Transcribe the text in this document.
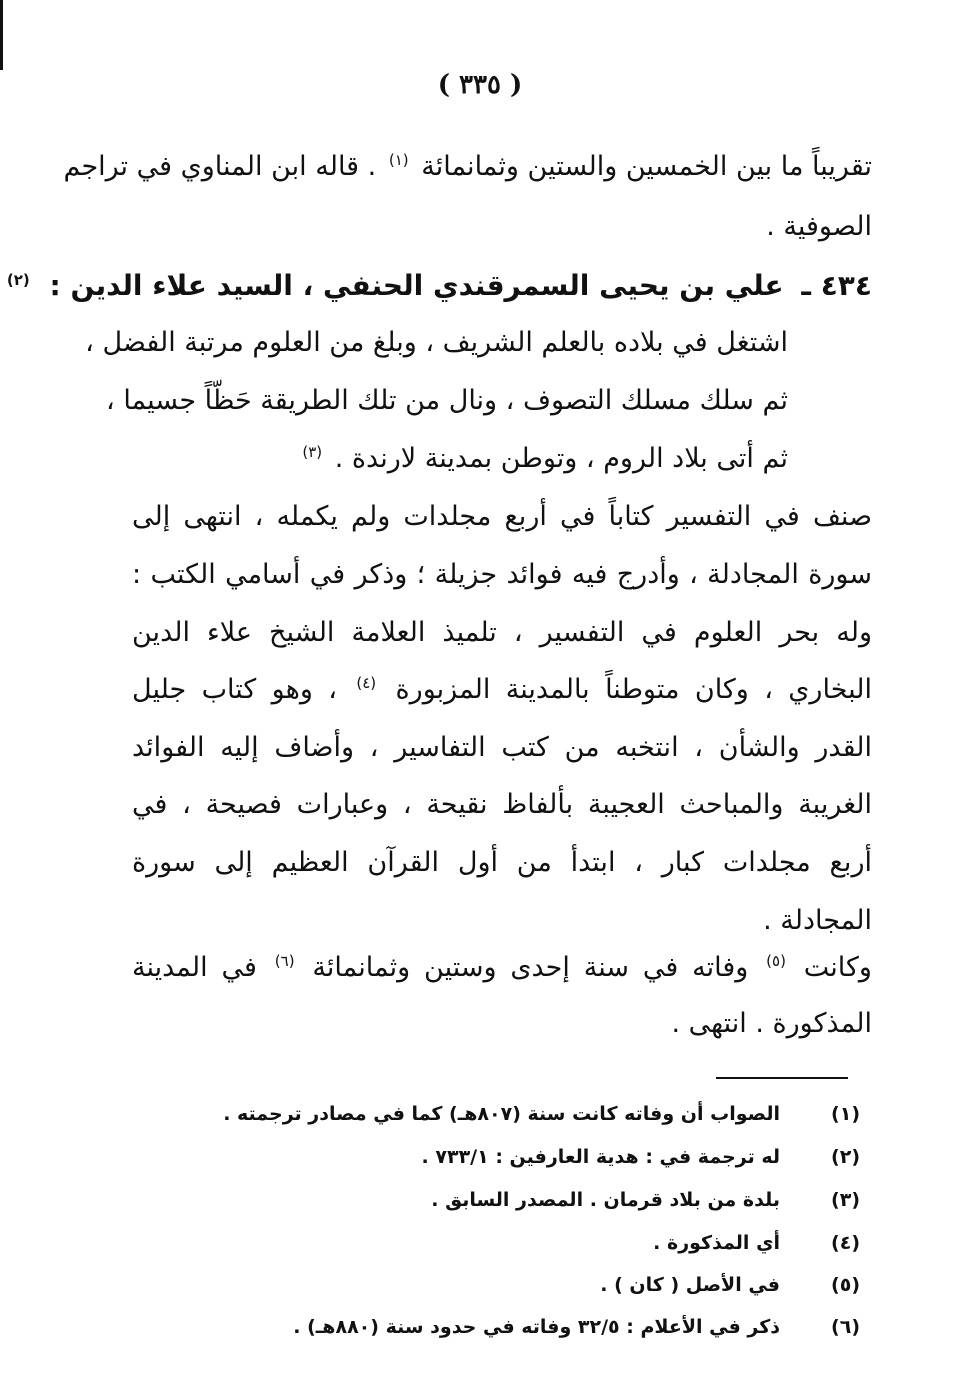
( ٣٣٥ )
تقريباً ما بين الخمسين والستين وثمانمائة $^{(١)}$ . قاله ابن المناوي في تراجم
الصوفية .
٤٣٤ ـ علي بن يحيى السمرقندي الحنفي ، السيد علاء الدين : $^{(٢)}$
اشتغل في بلاده بالعلم الشريف ، وبلغ من العلوم مرتبة الفضل ،
ثم سلك مسلك التصوف ، ونال من تلك الطريقة حَظّاً جسيما ،
ثم أتى بلاد الروم ، وتوطن بمدينة لارندة . $^{(٣)}$
صنف في التفسير كتاباً في أربع مجلدات ولم يكمله ، انتهى إلى
سورة المجادلة ، وأدرج فيه فوائد جزيلة ؛ وذكر في أسامي الكتب :
وله بحر العلوم في التفسير ، تلميذ العلامة الشيخ علاء الدين
البخاري ، وكان متوطناً بالمدينة المزبورة $^{(٤)}$ ، وهو كتاب جليل
القدر والشأن ، انتخبه من كتب التفاسير ، وأضاف إليه الفوائد
الغريبة والمباحث العجيبة بألفاظ نقيحة ، وعبارات فصيحة ، في
أربع مجلدات كبار ، ابتدأ من أول القرآن العظيم إلى سورة
المجادلة .
وكانت $^{(٥)}$ وفاته في سنة إحدى وستين وثمانمائة $^{(٦)}$ في المدينة
المذكورة . انتهى .
(١)الصواب أن وفاته كانت سنة (٨٠٧هـ) كما في مصادر ترجمته .
(٢)له ترجمة في : هدية العارفين : ٧٣٣/١ .
(٣)بلدة من بلاد قرمان . المصدر السابق .
(٤)أي المذكورة .
(٥)في الأصل ( كان ) .
(٦)ذكر في الأعلام : ٣٢/٥ وفاته في حدود سنة (٨٨٠هـ) .
